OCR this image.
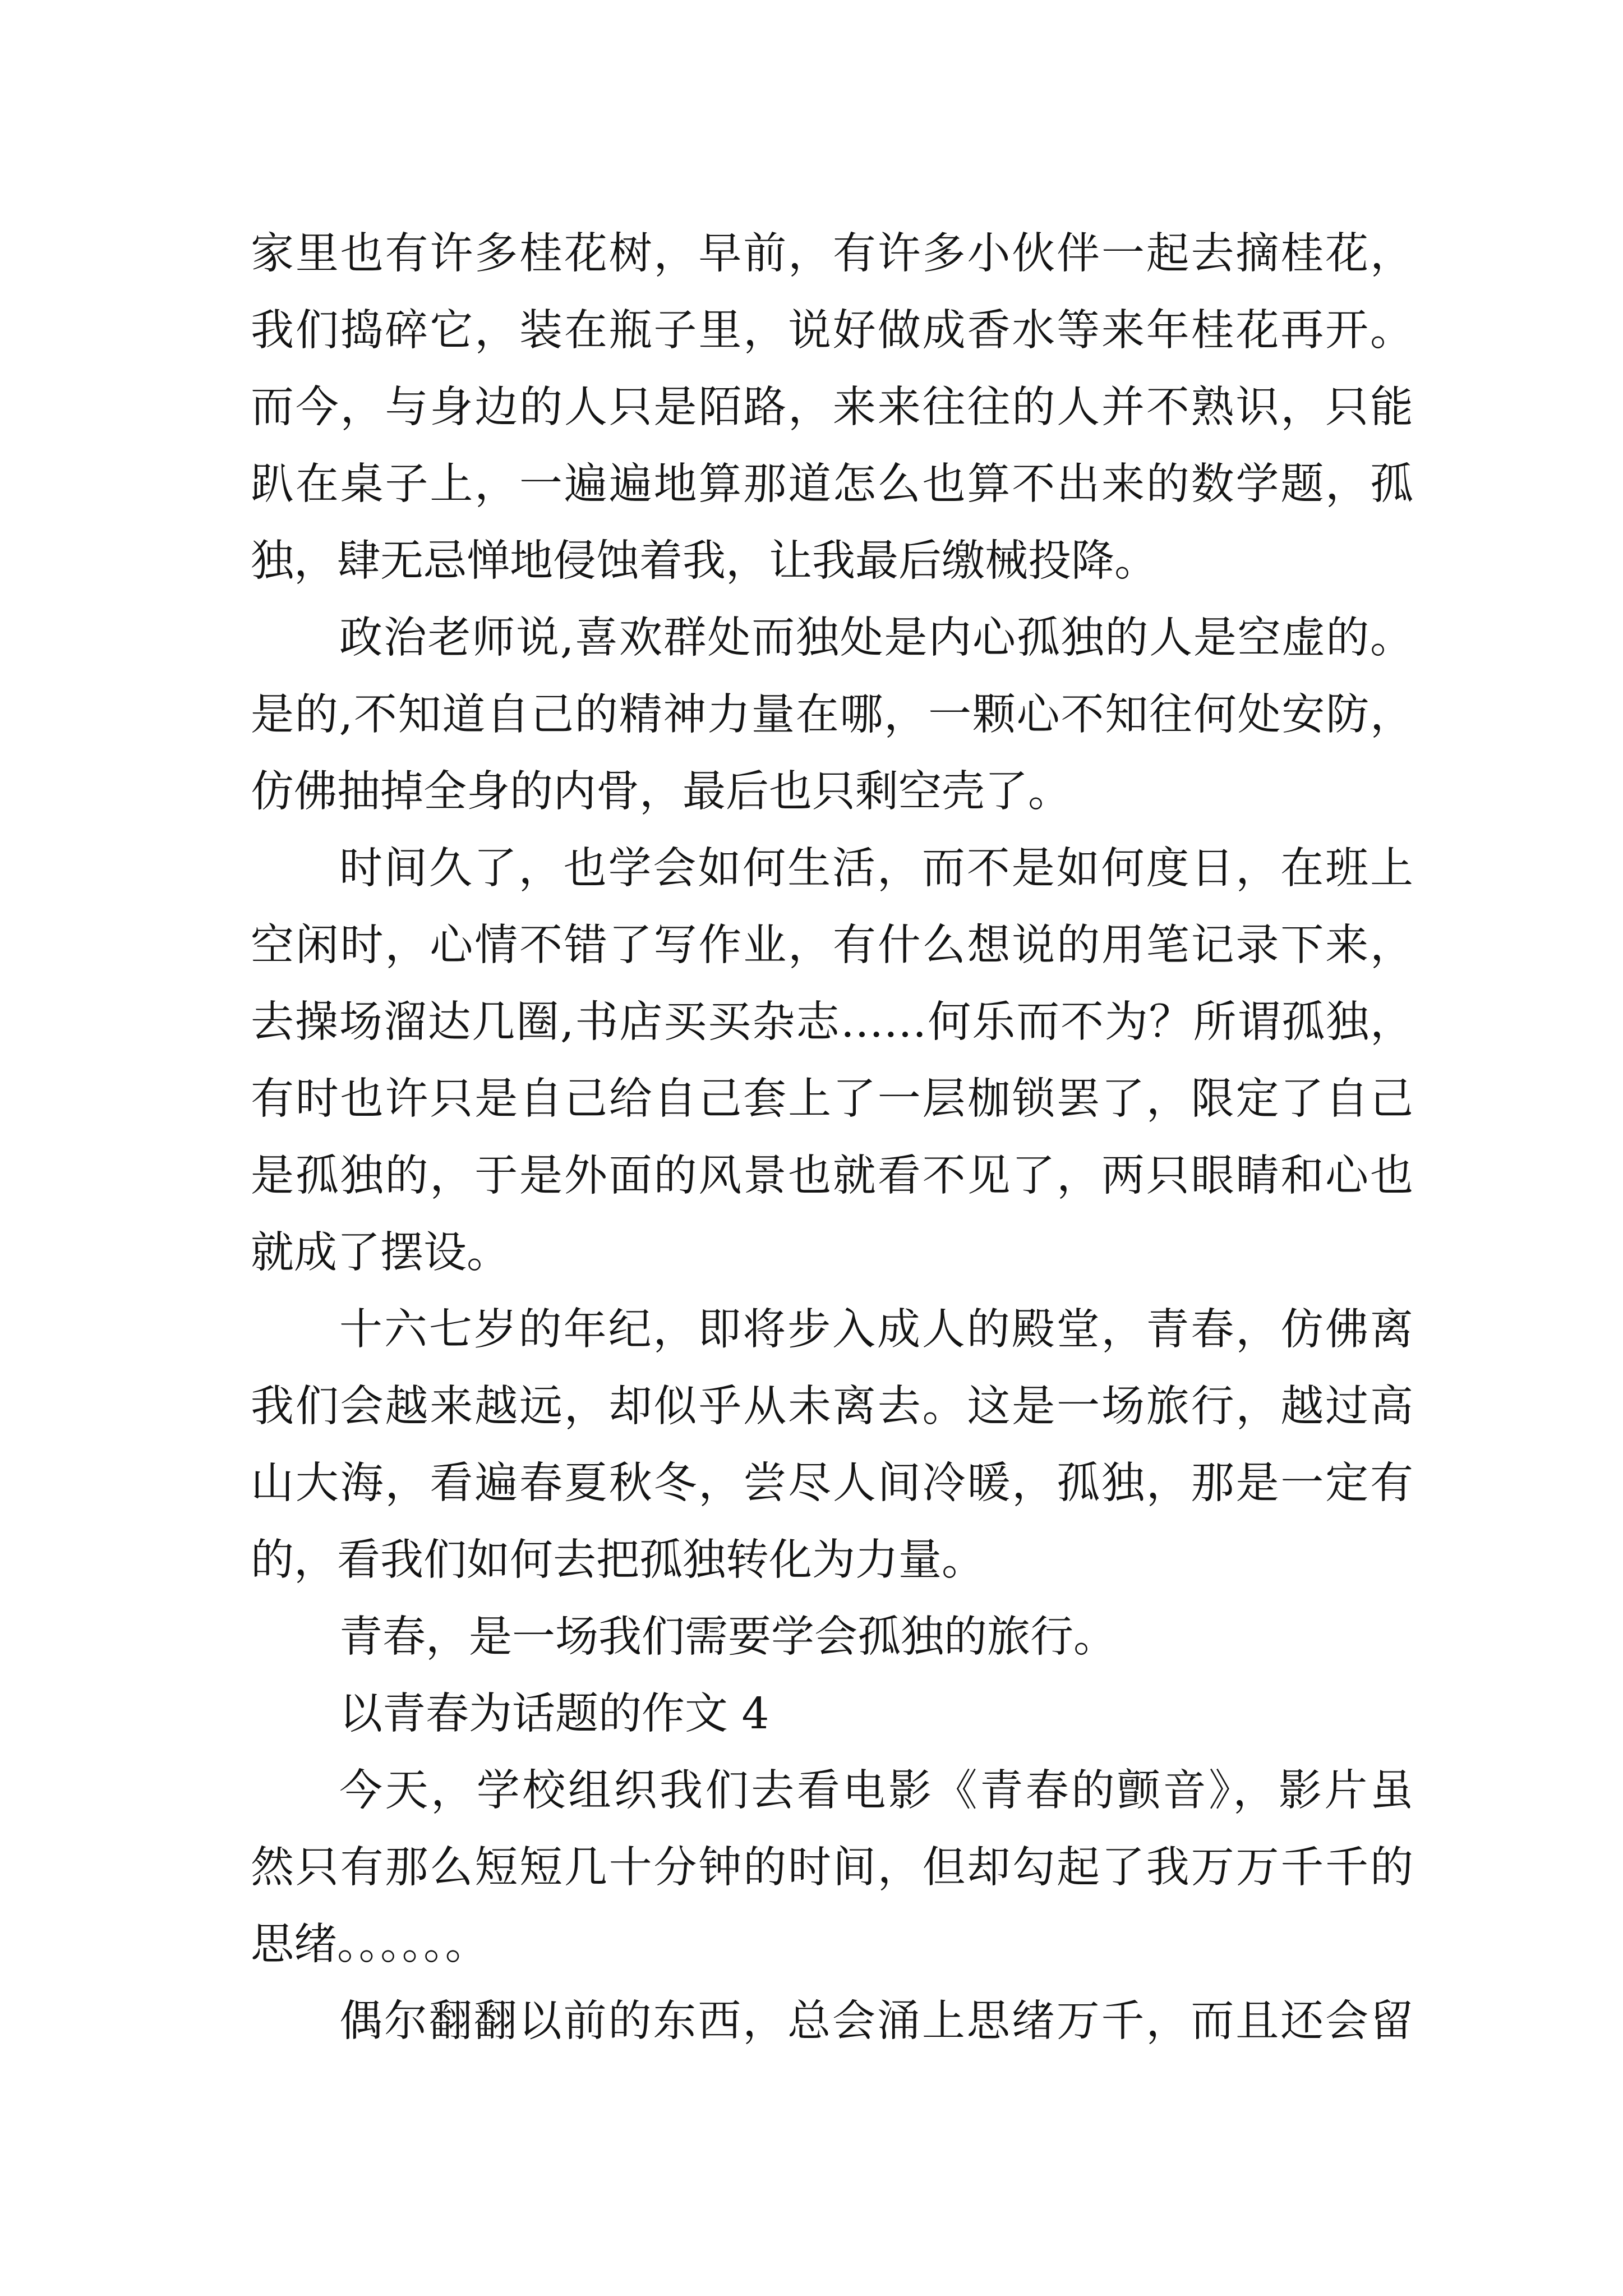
家里也有许多桂花树，早前，有许多小伙伴一起去摘桂花，
我们捣碎它，装在瓶子里，说好做成香水等来年桂花再开。
而今，与身边的人只是陌路，来来往往的人并不熟识，只能
趴在桌子上，一遍遍地算那道怎么也算不出来的数学题，孤
独，肆无忌惮地侵蚀着我，让我最后缴械投降。
政治老师说,喜欢群处而独处是内心孤独的人是空虚的。
是的,不知道自己的精神力量在哪，一颗心不知往何处安防，
仿佛抽掉全身的内骨，最后也只剩空壳了。
时间久了，也学会如何生活，而不是如何度日，在班上
空闲时，心情不错了写作业，有什么想说的用笔记录下来，
去操场溜达几圈,书店买买杂志……何乐而不为？所谓孤独，
有时也许只是自己给自己套上了一层枷锁罢了，限定了自己
是孤独的，于是外面的风景也就看不见了，两只眼睛和心也
就成了摆设。
十六七岁的年纪，即将步入成人的殿堂，青春，仿佛离
我们会越来越远，却似乎从未离去。这是一场旅行，越过高
山大海，看遍春夏秋冬，尝尽人间冷暖，孤独，那是一定有
的，看我们如何去把孤独转化为力量。
青春，是一场我们需要学会孤独的旅行。
以青春为话题的作文 4
今天，学校组织我们去看电影《青春的颤音》，影片虽
然只有那么短短几十分钟的时间，但却勾起了我万万千千的
思绪。。。。。。
偶尔翻翻以前的东西，总会涌上思绪万千，而且还会留
